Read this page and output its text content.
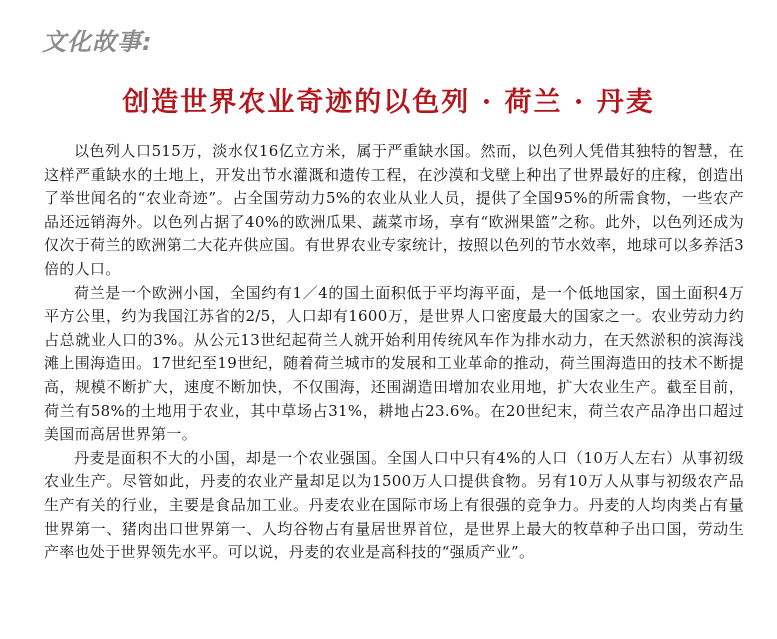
文化故事:
创造世界农业奇迹的以色列 · 荷兰 · 丹麦

以色列人口515万，淡水仅16亿立方米，属于严重缺水国。然而，以色列人凭借其独特的智慧，在这样严重缺水的土地上，开发出节水灌溉和遗传工程，在沙漠和戈壁上种出了世界最好的庄稼，创造出了举世闻名的“农业奇迹”。占全国劳动力5%的农业从业人员，提供了全国95%的所需食物，一些农产品还远销海外。以色列占据了40%的欧洲瓜果、蔬菜市场，享有“欧洲果篮”之称。此外，以色列还成为仅次于荷兰的欧洲第二大花卉供应国。有世界农业专家统计，按照以色列的节水效率，地球可以多养活3倍的人口。

荷兰是一个欧洲小国，全国约有1／4的国土面积低于平均海平面，是一个低地国家，国土面积4万平方公里，约为我国江苏省的2/5，人口却有1600万，是世界人口密度最大的国家之一。农业劳动力约占总就业人口的3%。从公元13世纪起荷兰人就开始利用传统风车作为排水动力，在天然淤积的滨海浅滩上围海造田。17世纪至19世纪，随着荷兰城市的发展和工业革命的推动，荷兰围海造田的技术不断提高，规模不断扩大，速度不断加快，不仅围海，还围湖造田增加农业用地，扩大农业生产。截至目前，荷兰有58%的土地用于农业，其中草场占31%，耕地占23.6%。在20世纪末，荷兰农产品净出口超过美国而高居世界第一。

丹麦是面积不大的小国，却是一个农业强国。全国人口中只有4%的人口（10万人左右）从事初级农业生产。尽管如此，丹麦的农业产量却足以为1500万人口提供食物。另有10万人从事与初级农产品生产有关的行业，主要是食品加工业。丹麦农业在国际市场上有很强的竞争力。丹麦的人均肉类占有量世界第一、猪肉出口世界第一、人均谷物占有量居世界首位，是世界上最大的牧草种子出口国，劳动生产率也处于世界领先水平。可以说，丹麦的农业是高科技的“强质产业”。
